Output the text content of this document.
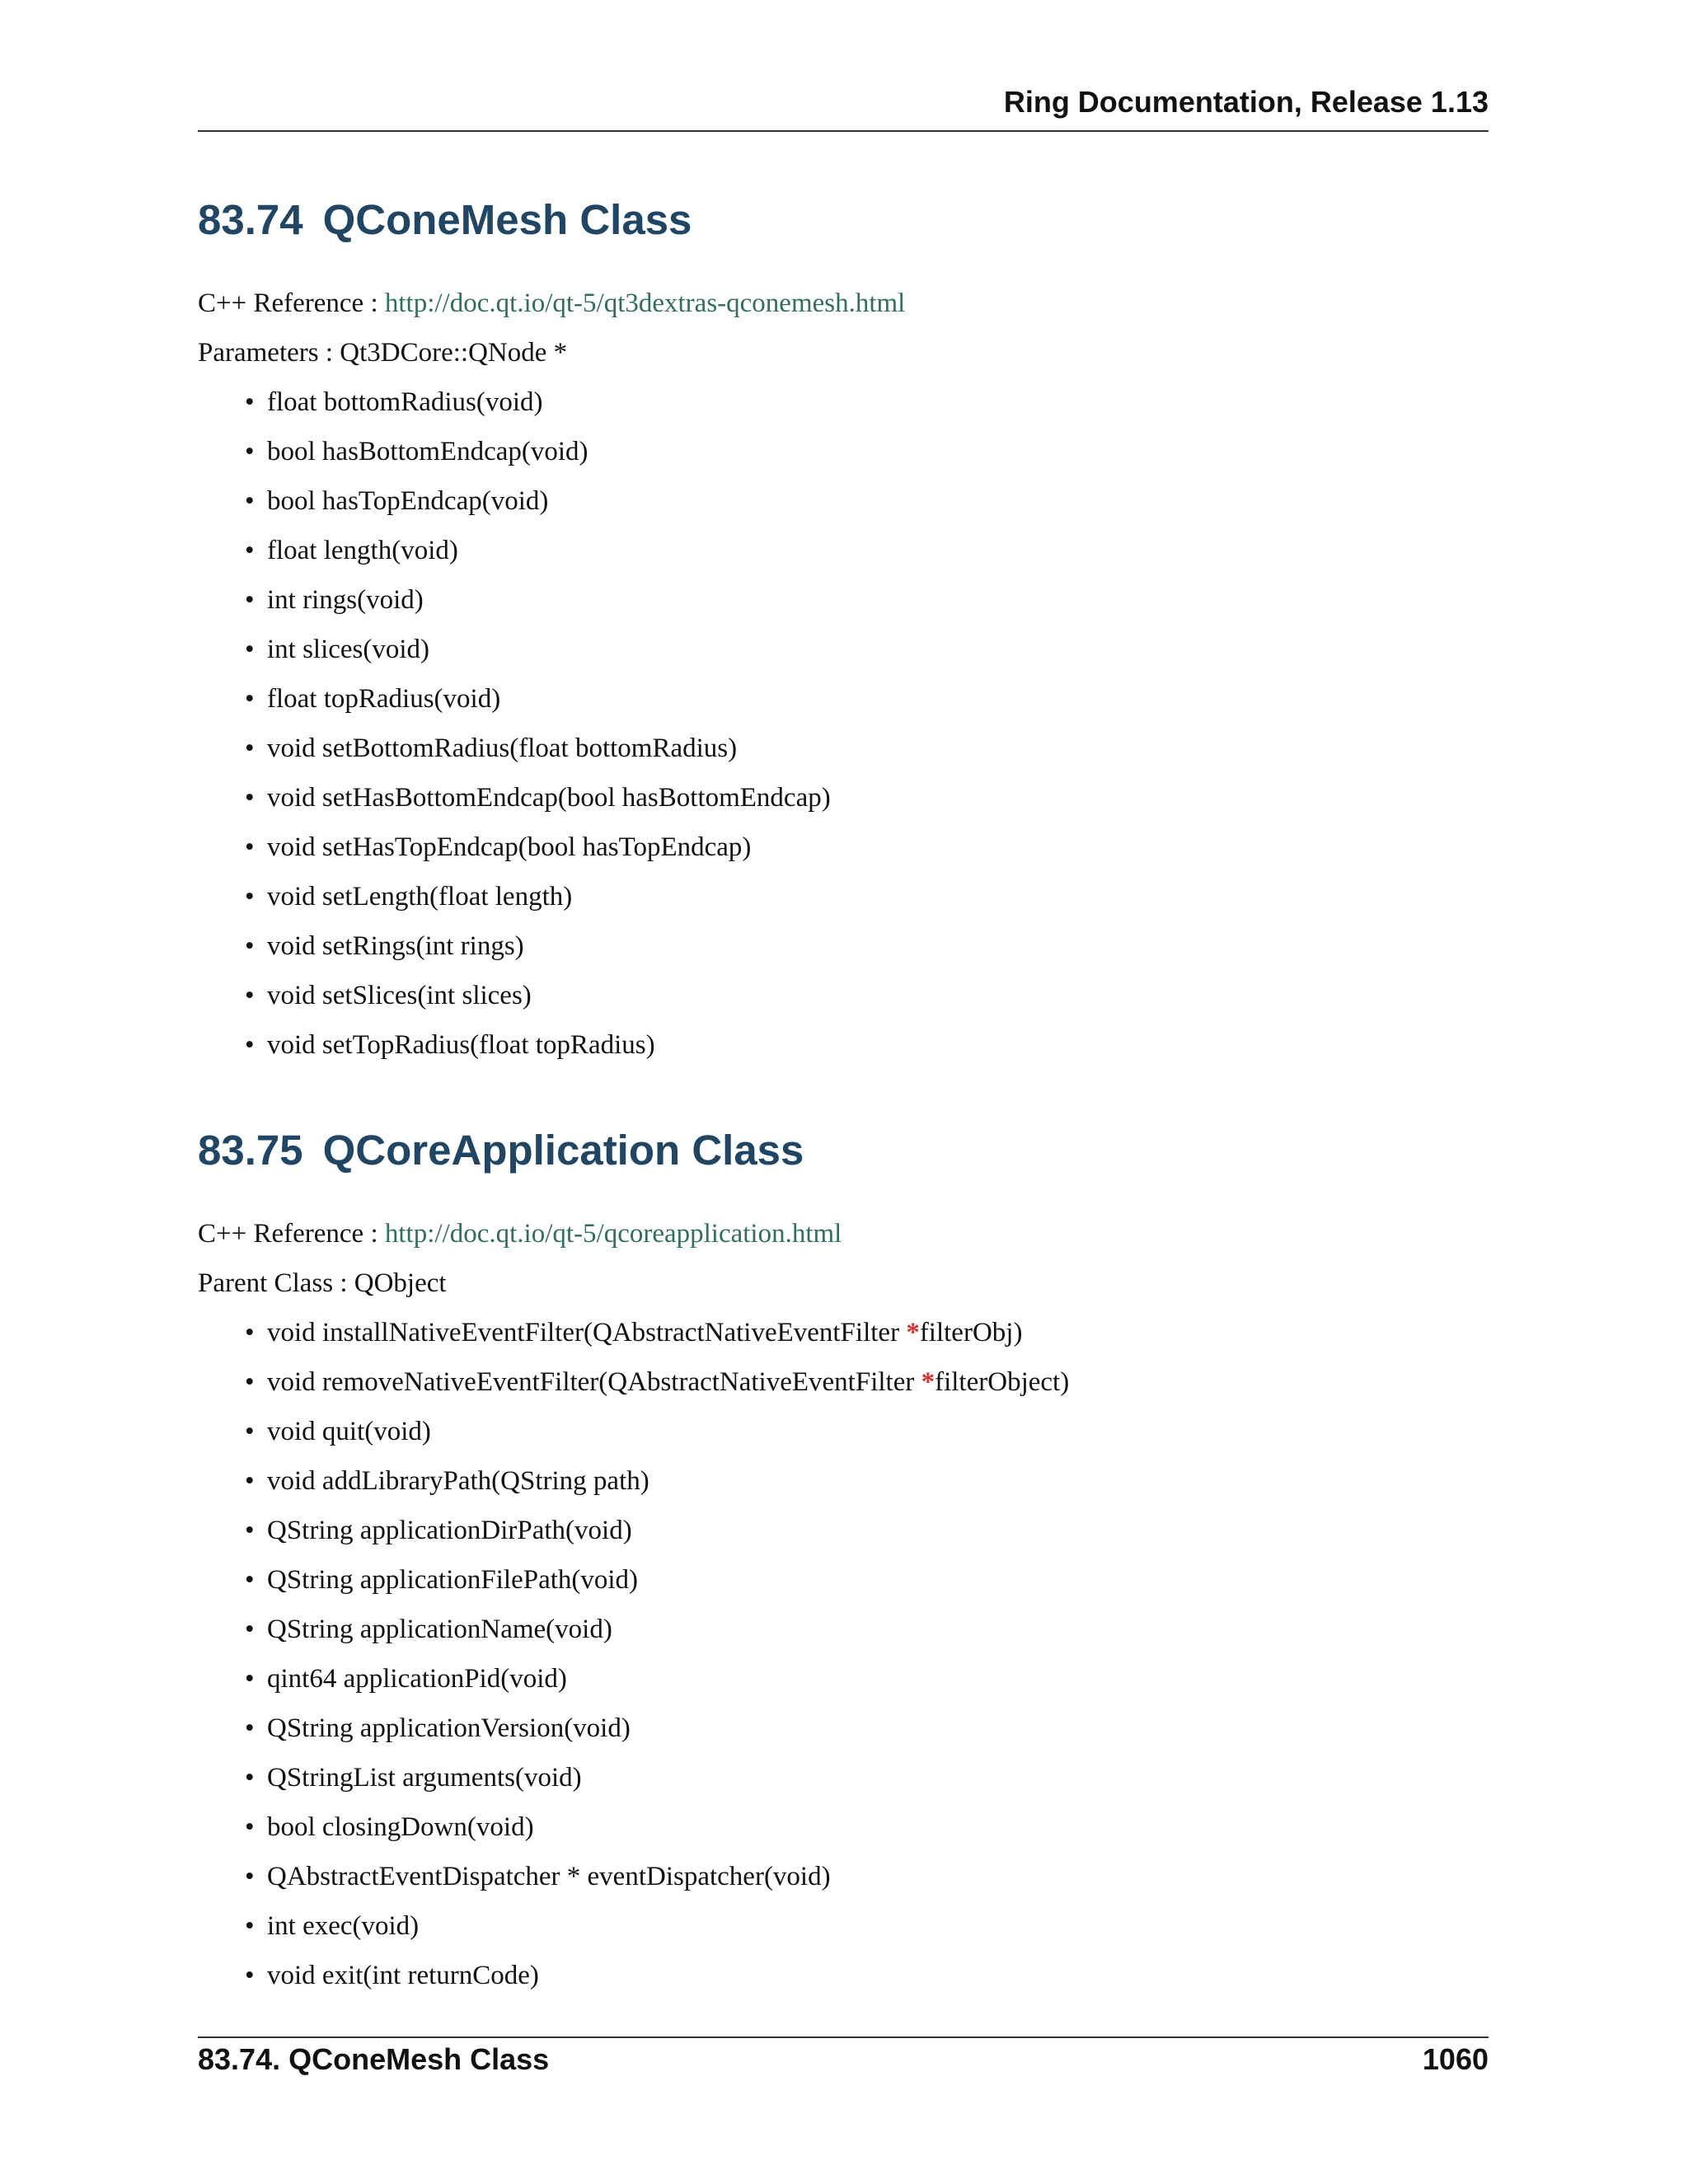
Ring Documentation, Release 1.13
83.74 QConeMesh Class

C++ Reference : http://doc.qt.io/qt-5/qt3dextras-qconemesh.html

Parameters : Qt3DCore::QNode *

• float bottomRadius(void)
• bool hasBottomEndcap(void)
• bool hasTopEndcap(void)
• float length(void)
• int rings(void)
• int slices(void)
• float topRadius(void)
• void setBottomRadius(float bottomRadius)
• void setHasBottomEndcap(bool hasBottomEndcap)
• void setHasTopEndcap(bool hasTopEndcap)
• void setLength(float length)
• void setRings(int rings)
• void setSlices(int slices)
• void setTopRadius(float topRadius)
83.75 QCoreApplication Class

C++ Reference : http://doc.qt.io/qt-5/qcoreapplication.html

Parent Class : QObject

• void installNativeEventFilter(QAbstractNativeEventFilter *filterObj)
• void removeNativeEventFilter(QAbstractNativeEventFilter *filterObject)
• void quit(void)
• void addLibraryPath(QString path)
• QString applicationDirPath(void)
• QString applicationFilePath(void)
• QString applicationName(void)
• qint64 applicationPid(void)
• QString applicationVersion(void)
• QStringList arguments(void)
• bool closingDown(void)
• QAbstractEventDispatcher * eventDispatcher(void)
• int exec(void)
• void exit(int returnCode)
83.74. QConeMesh Class	1060
